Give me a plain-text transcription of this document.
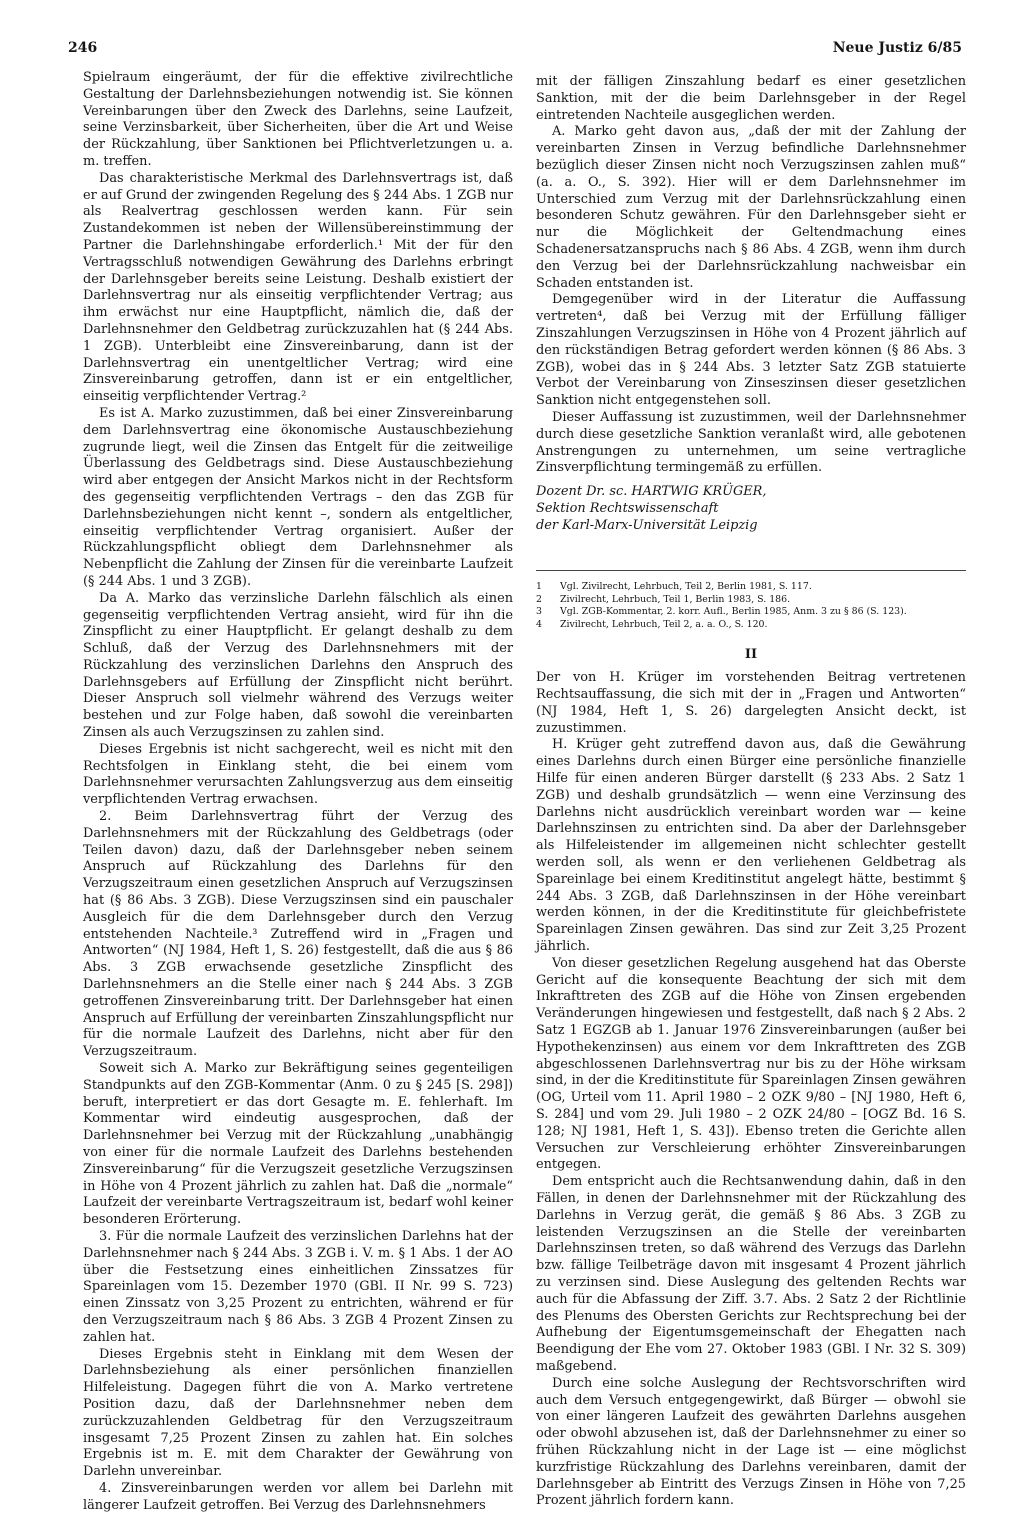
246	Neue Justiz 6/85

Spielraum eingeräumt, der für die effektive zivilrechtliche Gestaltung der Darlehnsbeziehungen notwendig ist. Sie können Vereinbarungen über den Zweck des Darlehns, seine Laufzeit, seine Verzinsbarkeit, über Sicherheiten, über die Art und Weise der Rückzahlung, über Sanktionen bei Pflichtverletzungen u. a. m. treffen.

Das charakteristische Merkmal des Darlehnsvertrags ist, daß er auf Grund der zwingenden Regelung des § 244 Abs. 1 ZGB nur als Realvertrag geschlossen werden kann. Für sein Zustandekommen ist neben der Willensübereinstimmung der Partner die Darlehnshingabe erforderlich.¹ Mit der für den Vertragsschluß notwendigen Gewährung des Darlehns erbringt der Darlehnsgeber bereits seine Leistung. Deshalb existiert der Darlehnsvertrag nur als einseitig verpflichtender Vertrag; aus ihm erwächst nur eine Hauptpflicht, nämlich die, daß der Darlehnsnehmer den Geldbetrag zurückzuzahlen hat (§ 244 Abs. 1 ZGB). Unterbleibt eine Zinsvereinbarung, dann ist der Darlehnsvertrag ein unentgeltlicher Vertrag; wird eine Zinsvereinbarung getroffen, dann ist er ein entgeltlicher, einseitig verpflichtender Vertrag.²

Es ist A. Marko zuzustimmen, daß bei einer Zinsvereinbarung dem Darlehnsvertrag eine ökonomische Austauschbeziehung zugrunde liegt, weil die Zinsen das Entgelt für die zeitweilige Überlassung des Geldbetrags sind. Diese Austauschbeziehung wird aber entgegen der Ansicht Markos nicht in der Rechtsform des gegenseitig verpflichtenden Vertrags – den das ZGB für Darlehnsbeziehungen nicht kennt –, sondern als entgeltlicher, einseitig verpflichtender Vertrag organisiert. Außer der Rückzahlungspflicht obliegt dem Darlehnsnehmer als Nebenpflicht die Zahlung der Zinsen für die vereinbarte Laufzeit (§ 244 Abs. 1 und 3 ZGB).

Da A. Marko das verzinsliche Darlehn fälschlich als einen gegenseitig verpflichtenden Vertrag ansieht, wird für ihn die Zinspflicht zu einer Hauptpflicht. Er gelangt deshalb zu dem Schluß, daß der Verzug des Darlehnsnehmers mit der Rückzahlung des verzinslichen Darlehns den Anspruch des Darlehnsgebers auf Erfüllung der Zinspflicht nicht berührt. Dieser Anspruch soll vielmehr während des Verzugs weiter bestehen und zur Folge haben, daß sowohl die vereinbarten Zinsen als auch Verzugszinsen zu zahlen sind.

Dieses Ergebnis ist nicht sachgerecht, weil es nicht mit den Rechtsfolgen in Einklang steht, die bei einem vom Darlehnsnehmer verursachten Zahlungsverzug aus dem einseitig verpflichtenden Vertrag erwachsen.

2. Beim Darlehnsvertrag führt der Verzug des Darlehnsnehmers mit der Rückzahlung des Geldbetrags (oder Teilen davon) dazu, daß der Darlehnsgeber neben seinem Anspruch auf Rückzahlung des Darlehns für den Verzugszeitraum einen gesetzlichen Anspruch auf Verzugszinsen hat (§ 86 Abs. 3 ZGB). Diese Verzugszinsen sind ein pauschaler Ausgleich für die dem Darlehnsgeber durch den Verzug entstehenden Nachteile.³ Zutreffend wird in „Fragen und Antworten“ (NJ 1984, Heft 1, S. 26) festgestellt, daß die aus § 86 Abs. 3 ZGB erwachsende gesetzliche Zinspflicht des Darlehnsnehmers an die Stelle einer nach § 244 Abs. 3 ZGB getroffenen Zinsvereinbarung tritt. Der Darlehnsgeber hat einen Anspruch auf Erfüllung der vereinbarten Zinszahlungspflicht nur für die normale Laufzeit des Darlehns, nicht aber für den Verzugszeitraum.

Soweit sich A. Marko zur Bekräftigung seines gegenteiligen Standpunkts auf den ZGB-Kommentar (Anm. 0 zu § 245 [S. 298]) beruft, interpretiert er das dort Gesagte m. E. fehlerhaft. Im Kommentar wird eindeutig ausgesprochen, daß der Darlehnsnehmer bei Verzug mit der Rückzahlung „unabhängig von einer für die normale Laufzeit des Darlehns bestehenden Zinsvereinbarung“ für die Verzugszeit gesetzliche Verzugszinsen in Höhe von 4 Prozent jährlich zu zahlen hat. Daß die „normale“ Laufzeit der vereinbarte Vertragszeitraum ist, bedarf wohl keiner besonderen Erörterung.

3. Für die normale Laufzeit des verzinslichen Darlehns hat der Darlehnsnehmer nach § 244 Abs. 3 ZGB i. V. m. § 1 Abs. 1 der AO über die Festsetzung eines einheitlichen Zinssatzes für Spareinlagen vom 15. Dezember 1970 (GBl. II Nr. 99 S. 723) einen Zinssatz von 3,25 Prozent zu entrichten, während er für den Verzugszeitraum nach § 86 Abs. 3 ZGB 4 Prozent Zinsen zu zahlen hat.

Dieses Ergebnis steht in Einklang mit dem Wesen der Darlehnsbeziehung als einer persönlichen finanziellen Hilfeleistung. Dagegen führt die von A. Marko vertretene Position dazu, daß der Darlehnsnehmer neben dem zurückzuzahlenden Geldbetrag für den Verzugszeitraum insgesamt 7,25 Prozent Zinsen zu zahlen hat. Ein solches Ergebnis ist m. E. mit dem Charakter der Gewährung von Darlehn unvereinbar.

4. Zinsvereinbarungen werden vor allem bei Darlehn mit längerer Laufzeit getroffen. Bei Verzug des Darlehnsnehmers

mit der fälligen Zinszahlung bedarf es einer gesetzlichen Sanktion, mit der die beim Darlehnsgeber in der Regel eintretenden Nachteile ausgeglichen werden.

A. Marko geht davon aus, „daß der mit der Zahlung der vereinbarten Zinsen in Verzug befindliche Darlehnsnehmer bezüglich dieser Zinsen nicht noch Verzugszinsen zahlen muß“ (a. a. O., S. 392). Hier will er dem Darlehnsnehmer im Unterschied zum Verzug mit der Darlehnsrückzahlung einen besonderen Schutz gewähren. Für den Darlehnsgeber sieht er nur die Möglichkeit der Geltendmachung eines Schadenersatzanspruchs nach § 86 Abs. 4 ZGB, wenn ihm durch den Verzug bei der Darlehnsrückzahlung nachweisbar ein Schaden entstanden ist.

Demgegenüber wird in der Literatur die Auffassung vertreten⁴, daß bei Verzug mit der Erfüllung fälliger Zinszahlungen Verzugszinsen in Höhe von 4 Prozent jährlich auf den rückständigen Betrag gefordert werden können (§ 86 Abs. 3 ZGB), wobei das in § 244 Abs. 3 letzter Satz ZGB statuierte Verbot der Vereinbarung von Zinseszinsen dieser gesetzlichen Sanktion nicht entgegenstehen soll.

Dieser Auffassung ist zuzustimmen, weil der Darlehnsnehmer durch diese gesetzliche Sanktion veranlaßt wird, alle gebotenen Anstrengungen zu unternehmen, um seine vertragliche Zinsverpflichtung termingemäß zu erfüllen.

Dozent Dr. sc. HARTWIG KRÜGER,
Sektion Rechtswissenschaft
der Karl-Marx-Universität Leipzig
1	Vgl. Zivilrecht, Lehrbuch, Teil 2, Berlin 1981, S. 117.
2	Zivilrecht, Lehrbuch, Teil 1, Berlin 1983, S. 186.
3	Vgl. ZGB-Kommentar, 2. korr. Aufl., Berlin 1985, Anm. 3 zu § 86 (S. 123).
4	Zivilrecht, Lehrbuch, Teil 2, a. a. O., S. 120.
II

Der von H. Krüger im vorstehenden Beitrag vertretenen Rechtsauffassung, die sich mit der in „Fragen und Antworten“ (NJ 1984, Heft 1, S. 26) dargelegten Ansicht deckt, ist zuzustimmen.

H. Krüger geht zutreffend davon aus, daß die Gewährung eines Darlehns durch einen Bürger eine persönliche finanzielle Hilfe für einen anderen Bürger darstellt (§ 233 Abs. 2 Satz 1 ZGB) und deshalb grundsätzlich — wenn eine Verzinsung des Darlehns nicht ausdrücklich vereinbart worden war — keine Darlehnszinsen zu entrichten sind. Da aber der Darlehnsgeber als Hilfeleistender im allgemeinen nicht schlechter gestellt werden soll, als wenn er den verliehenen Geldbetrag als Spareinlage bei einem Kreditinstitut angelegt hätte, bestimmt § 244 Abs. 3 ZGB, daß Darlehnszinsen in der Höhe vereinbart werden können, in der die Kreditinstitute für gleichbefristete Spareinlagen Zinsen gewähren. Das sind zur Zeit 3,25 Prozent jährlich.

Von dieser gesetzlichen Regelung ausgehend hat das Oberste Gericht auf die konsequente Beachtung der sich mit dem Inkrafttreten des ZGB auf die Höhe von Zinsen ergebenden Veränderungen hingewiesen und festgestellt, daß nach § 2 Abs. 2 Satz 1 EGZGB ab 1. Januar 1976 Zinsvereinbarungen (außer bei Hypothekenzinsen) aus einem vor dem Inkrafttreten des ZGB abgeschlossenen Darlehnsvertrag nur bis zu der Höhe wirksam sind, in der die Kreditinstitute für Spareinlagen Zinsen gewähren (OG, Urteil vom 11. April 1980 – 2 OZK 9/80 – [NJ 1980, Heft 6, S. 284] und vom 29. Juli 1980 – 2 OZK 24/80 – [OGZ Bd. 16 S. 128; NJ 1981, Heft 1, S. 43]). Ebenso treten die Gerichte allen Versuchen zur Verschleierung erhöhter Zinsvereinbarungen entgegen.

Dem entspricht auch die Rechtsanwendung dahin, daß in den Fällen, in denen der Darlehnsnehmer mit der Rückzahlung des Darlehns in Verzug gerät, die gemäß § 86 Abs. 3 ZGB zu leistenden Verzugszinsen an die Stelle der vereinbarten Darlehnszinsen treten, so daß während des Verzugs das Darlehn bzw. fällige Teilbeträge davon mit insgesamt 4 Prozent jährlich zu verzinsen sind. Diese Auslegung des geltenden Rechts war auch für die Abfassung der Ziff. 3.7. Abs. 2 Satz 2 der Richtlinie des Plenums des Obersten Gerichts zur Rechtsprechung bei der Aufhebung der Eigentumsgemeinschaft der Ehegatten nach Beendigung der Ehe vom 27. Oktober 1983 (GBl. I Nr. 32 S. 309) maßgebend.

Durch eine solche Auslegung der Rechtsvorschriften wird auch dem Versuch entgegengewirkt, daß Bürger — obwohl sie von einer längeren Laufzeit des gewährten Darlehns ausgehen oder obwohl abzusehen ist, daß der Darlehnsnehmer zu einer so frühen Rückzahlung nicht in der Lage ist — eine möglichst kurzfristige Rückzahlung des Darlehns vereinbaren, damit der Darlehnsgeber ab Eintritt des Verzugs Zinsen in Höhe von 7,25 Prozent jährlich fordern kann.
